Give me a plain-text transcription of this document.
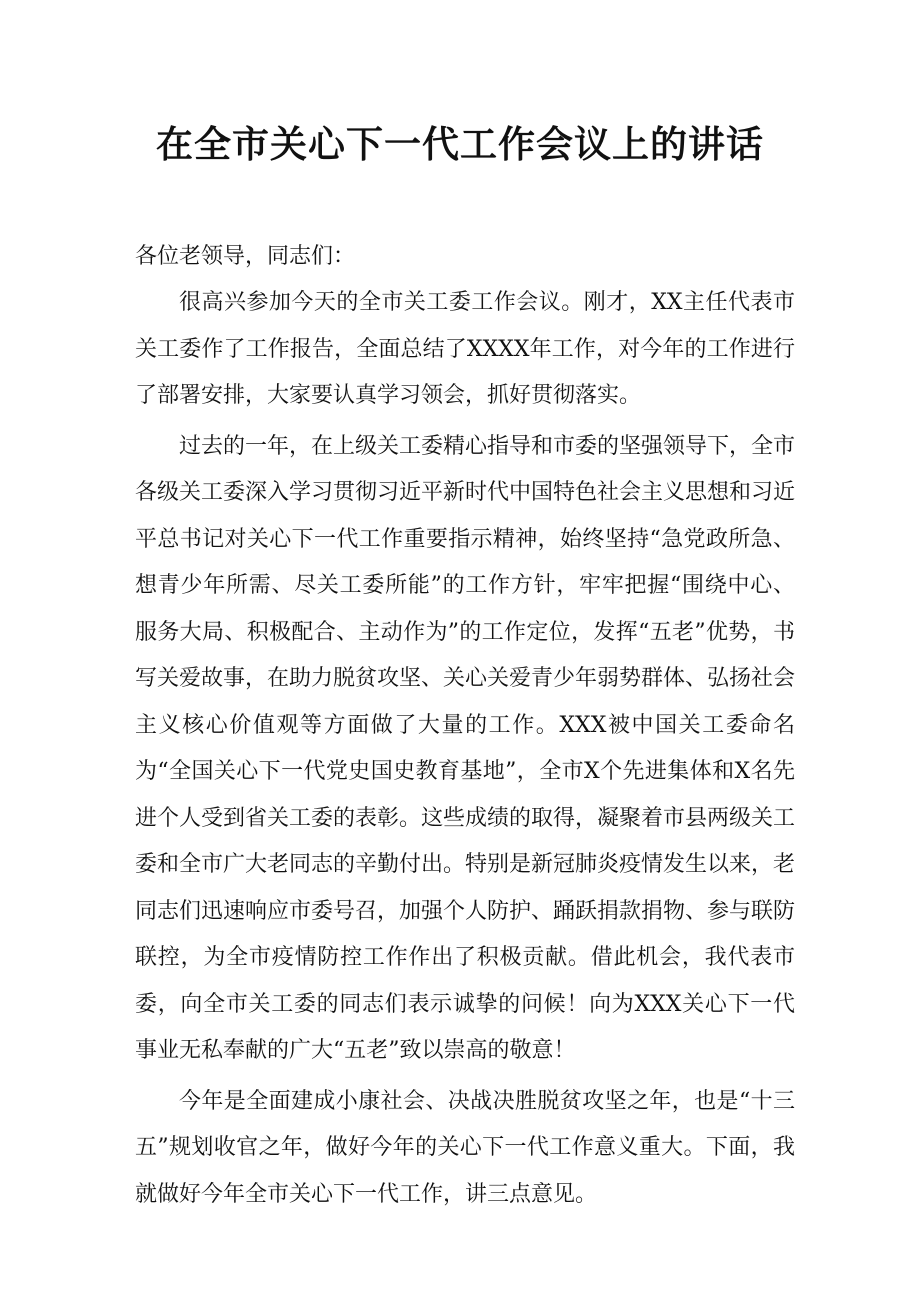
在全市关心下一代工作会议上的讲话

各位老领导，同志们：

很高兴参加今天的全市关工委工作会议。刚才，XX主任代表市关工委作了工作报告，全面总结了XXXX年工作，对今年的工作进行了部署安排，大家要认真学习领会，抓好贯彻落实。

过去的一年，在上级关工委精心指导和市委的坚强领导下，全市各级关工委深入学习贯彻习近平新时代中国特色社会主义思想和习近平总书记对关心下一代工作重要指示精神，始终坚持“急党政所急、想青少年所需、尽关工委所能”的工作方针，牢牢把握“围绕中心、服务大局、积极配合、主动作为”的工作定位，发挥“五老”优势，书写关爱故事，在助力脱贫攻坚、关心关爱青少年弱势群体、弘扬社会主义核心价值观等方面做了大量的工作。XXX被中国关工委命名为“全国关心下一代党史国史教育基地”，全市X个先进集体和X名先进个人受到省关工委的表彰。这些成绩的取得，凝聚着市县两级关工委和全市广大老同志的辛勤付出。特别是新冠肺炎疫情发生以来，老同志们迅速响应市委号召，加强个人防护、踊跃捐款捐物、参与联防联控，为全市疫情防控工作作出了积极贡献。借此机会，我代表市委，向全市关工委的同志们表示诚挚的问候！向为XXX关心下一代事业无私奉献的广大“五老”致以崇高的敬意！

今年是全面建成小康社会、决战决胜脱贫攻坚之年，也是“十三五”规划收官之年，做好今年的关心下一代工作意义重大。下面，我就做好今年全市关心下一代工作，讲三点意见。
